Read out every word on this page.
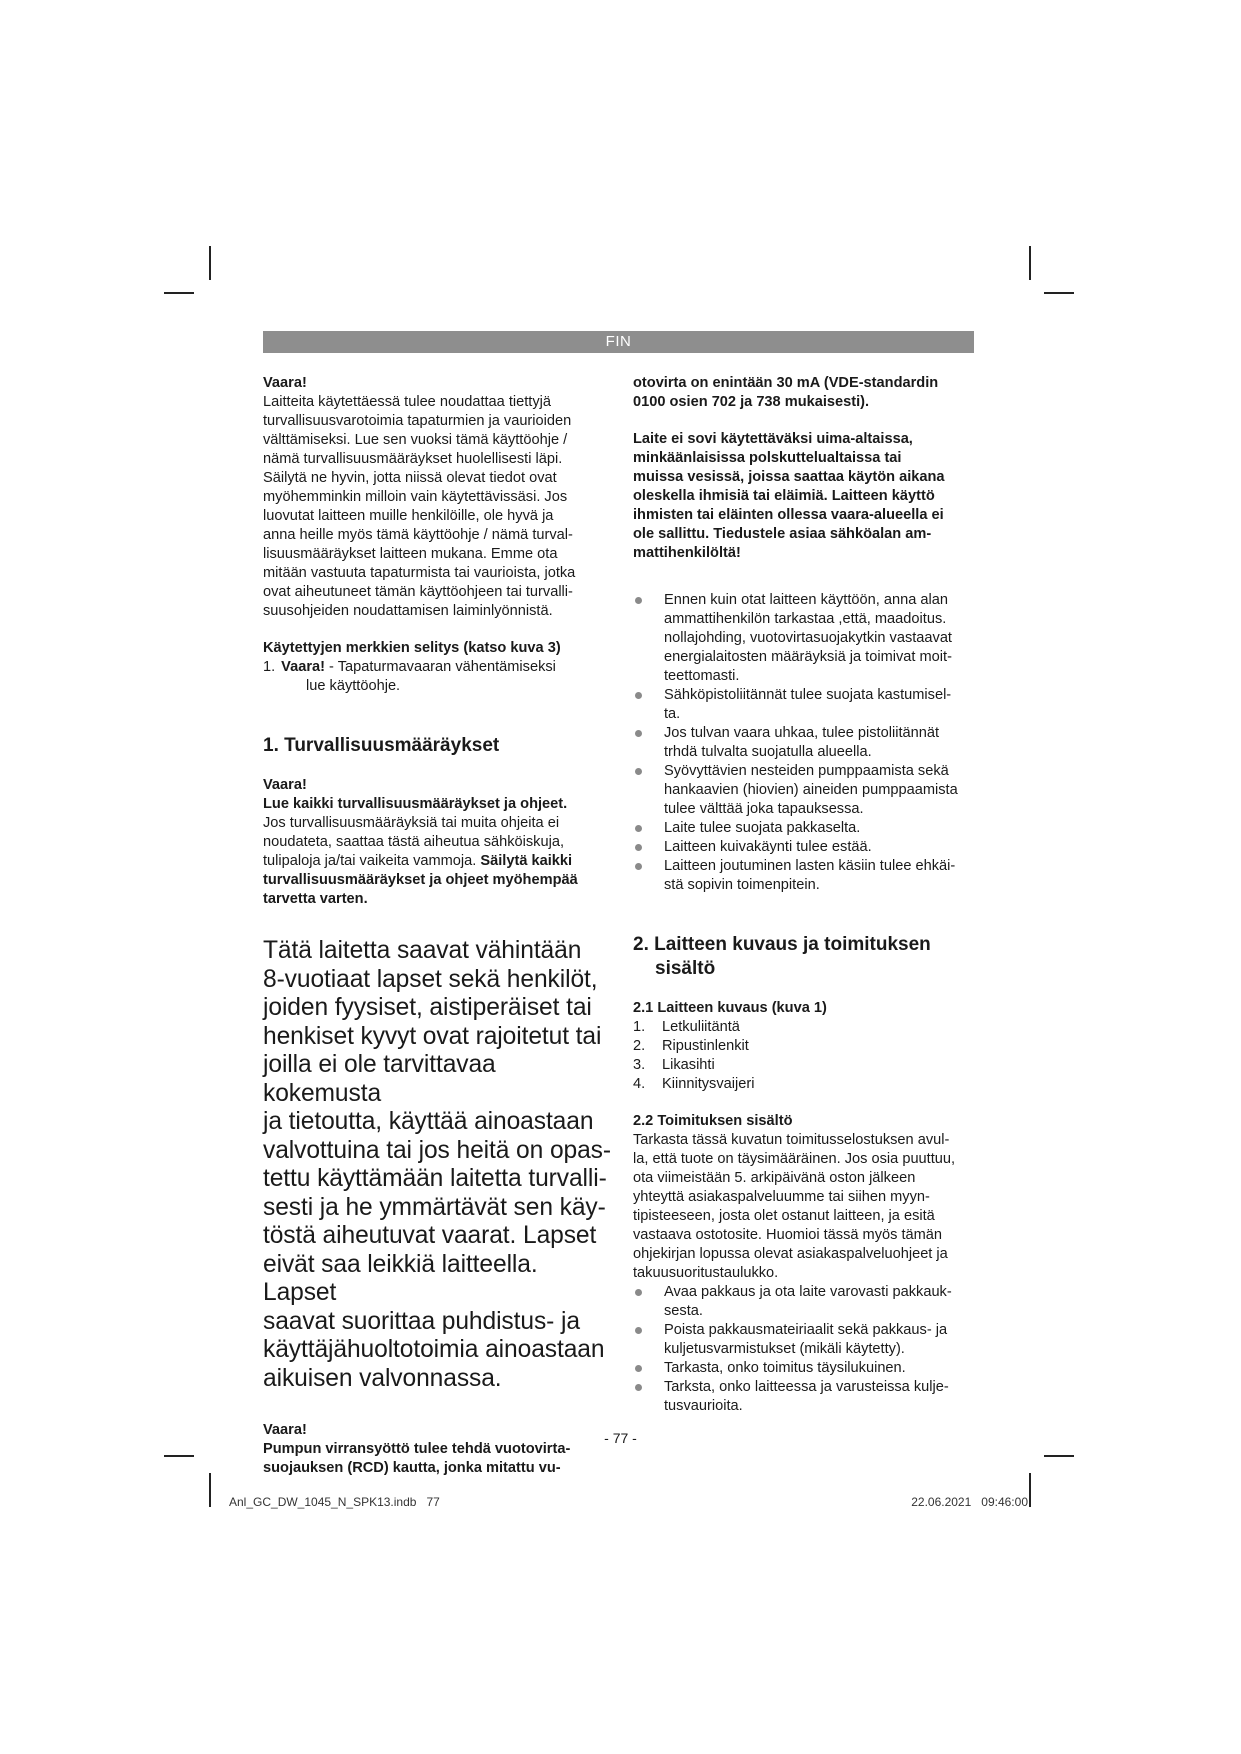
FIN

Vaara!

Laitteita käytettäessä tulee noudattaa tiettyjä

turvallisuusvarotoimia tapaturmien ja vaurioiden

välttämiseksi. Lue sen vuoksi tämä käyttöohje /

nämä turvallisuusmääräykset huolellisesti läpi.

Säilytä ne hyvin, jotta niissä olevat tiedot ovat

myöhemminkin milloin vain käytettävissäsi. Jos

luovutat laitteen muille henkilöille, ole hyvä ja

anna heille myös tämä käyttöohje / nämä turval-

lisuusmääräykset laitteen mukana. Emme ota

mitään vastuuta tapaturmista tai vaurioista, jotka

ovat aiheutuneet tämän käyttöohjeen tai turvalli-

suusohjeiden noudattamisen laiminlyönnistä.

Käytettyjen merkkien selitys (katso kuva 3)

1. Vaara! - Tapaturmavaaran vähentämiseksi
lue käyttöohje.
1. Turvallisuusmääräykset

Vaara!

Lue kaikki turvallisuusmääräykset ja ohjeet.

Jos turvallisuusmääräyksiä tai muita ohjeita ei

noudateta, saattaa tästä aiheutua sähköiskuja,

tulipaloja ja/tai vaikeita vammoja. Säilytä kaikki

turvallisuusmääräykset ja ohjeet myöhempää

tarvetta varten.

Tätä laitetta saavat vähintään

8-vuotiaat lapset sekä henkilöt,

joiden fyysiset, aistiperäiset tai

henkiset kyvyt ovat rajoitetut tai

joilla ei ole tarvittavaa kokemusta

ja tietoutta, käyttää ainoastaan

valvottuina tai jos heitä on opas-

tettu käyttämään laitetta turvalli-

sesti ja he ymmärtävät sen käy-

töstä aiheutuvat vaarat. Lapset

eivät saa leikkiä laitteella. Lapset

saavat suorittaa puhdistus- ja

käyttäjähuoltotoimia ainoastaan

aikuisen valvonnassa.

Vaara!

Pumpun virransyöttö tulee tehdä vuotovirta-

suojauksen (RCD) kautta, jonka mitattu vu-

otovirta on enintään 30 mA (VDE-standardin

0100 osien 702 ja 738 mukaisesti).

Laite ei sovi käytettäväksi uima-altaissa,

minkäänlaisissa polskuttelualtaissa tai

muissa vesissä, joissa saattaa käytön aikana

oleskella ihmisiä tai eläimiä. Laitteen käyttö

ihmisten tai eläinten ollessa vaara-alueella ei

ole sallittu. Tiedustele asiaa sähköalan am-

mattihenkilöltä!

Ennen kuin otat laitteen käyttöön, anna alan
ammattihenkilön tarkastaa ,että, maadoitus.
nollajohding, vuotovirtasuojakytkin vastaavat
energialaitosten määräyksiä ja toimivat moit-
teettomasti.
Sähköpistoliitännät tulee suojata kastumisel-
ta.
Jos tulvan vaara uhkaa, tulee pistoliitännät
trhdä tulvalta suojatulla alueella.
Syövyttävien nesteiden pumppaamista sekä
hankaavien (hiovien) aineiden pumppaamista
tulee välttää joka tapauksessa.
Laite tulee suojata pakkaselta.
Laitteen kuivakäynti tulee estää.
Laitteen joutuminen lasten käsiin tulee ehkäi-
stä sopivin toimenpitein.
2. Laitteen kuvaus ja toimituksen
sisältö
2.1 Laitteen kuvaus (kuva 1)
1. Letkuliitäntä
2. Ripustinlenkit
3. Likasihti
4. Kiinnitysvaijeri
2.2 Toimituksen sisältö

Tarkasta tässä kuvatun toimitusselostuksen avul-

la, että tuote on täysimääräinen. Jos osia puuttuu,

ota viimeistään 5. arkipäivänä oston jälkeen

yhteyttä asiakaspalveluumme tai siihen myyn-

tipisteeseen, josta olet ostanut laitteen, ja esitä

vastaava ostotosite. Huomioi tässä myös tämän

ohjekirjan lopussa olevat asiakaspalveluohjeet ja

takuusuoritustaulukko.

Avaa pakkaus ja ota laite varovasti pakkauk-
sesta.
Poista pakkausmateiriaalit sekä pakkaus- ja
kuljetusvarmistukset (mikäli käytetty).
Tarkasta, onko toimitus täysilukuinen.
Tarksta, onko laitteessa ja varusteissa kulje-
tusvaurioita.
- 77 -
Anl_GC_DW_1045_N_SPK13.indb   77	22.06.2021   09:46:00
